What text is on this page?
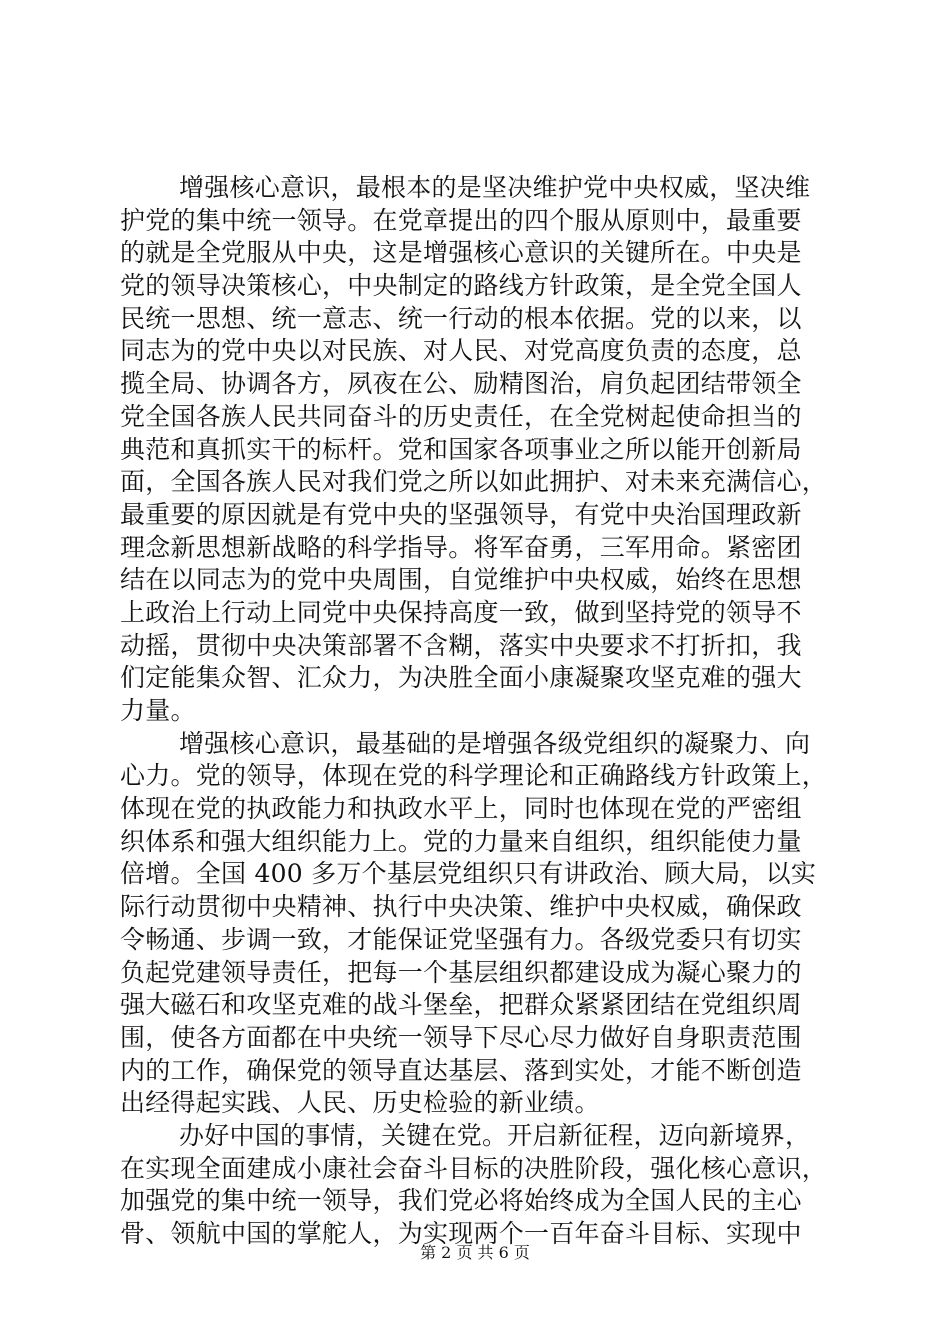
增强核心意识，最根本的是坚决维护党中央权威，坚决维
护党的集中统一领导。在党章提出的四个服从原则中，最重要
的就是全党服从中央，这是增强核心意识的关键所在。中央是
党的领导决策核心，中央制定的路线方针政策，是全党全国人
民统一思想、统一意志、统一行动的根本依据。党的以来，以
同志为的党中央以对民族、对人民、对党高度负责的态度，总
揽全局、协调各方，夙夜在公、励精图治，肩负起团结带领全
党全国各族人民共同奋斗的历史责任，在全党树起使命担当的
典范和真抓实干的标杆。党和国家各项事业之所以能开创新局
面，全国各族人民对我们党之所以如此拥护、对未来充满信心，
最重要的原因就是有党中央的坚强领导，有党中央治国理政新
理念新思想新战略的科学指导。将军奋勇，三军用命。紧密团
结在以同志为的党中央周围，自觉维护中央权威，始终在思想
上政治上行动上同党中央保持高度一致，做到坚持党的领导不
动摇，贯彻中央决策部署不含糊，落实中央要求不打折扣，我
们定能集众智、汇众力，为决胜全面小康凝聚攻坚克难的强大
力量。
增强核心意识，最基础的是增强各级党组织的凝聚力、向
心力。党的领导，体现在党的科学理论和正确路线方针政策上，
体现在党的执政能力和执政水平上，同时也体现在党的严密组
织体系和强大组织能力上。党的力量来自组织，组织能使力量
倍增。全国 400 多万个基层党组织只有讲政治、顾大局，以实
际行动贯彻中央精神、执行中央决策、维护中央权威，确保政
令畅通、步调一致，才能保证党坚强有力。各级党委只有切实
负起党建领导责任，把每一个基层组织都建设成为凝心聚力的
强大磁石和攻坚克难的战斗堡垒，把群众紧紧团结在党组织周
围，使各方面都在中央统一领导下尽心尽力做好自身职责范围
内的工作，确保党的领导直达基层、落到实处，才能不断创造
出经得起实践、人民、历史检验的新业绩。
办好中国的事情，关键在党。开启新征程，迈向新境界，
在实现全面建成小康社会奋斗目标的决胜阶段，强化核心意识，
加强党的集中统一领导，我们党必将始终成为全国人民的主心
骨、领航中国的掌舵人，为实现两个一百年奋斗目标、实现中
第 2 页 共 6 页
